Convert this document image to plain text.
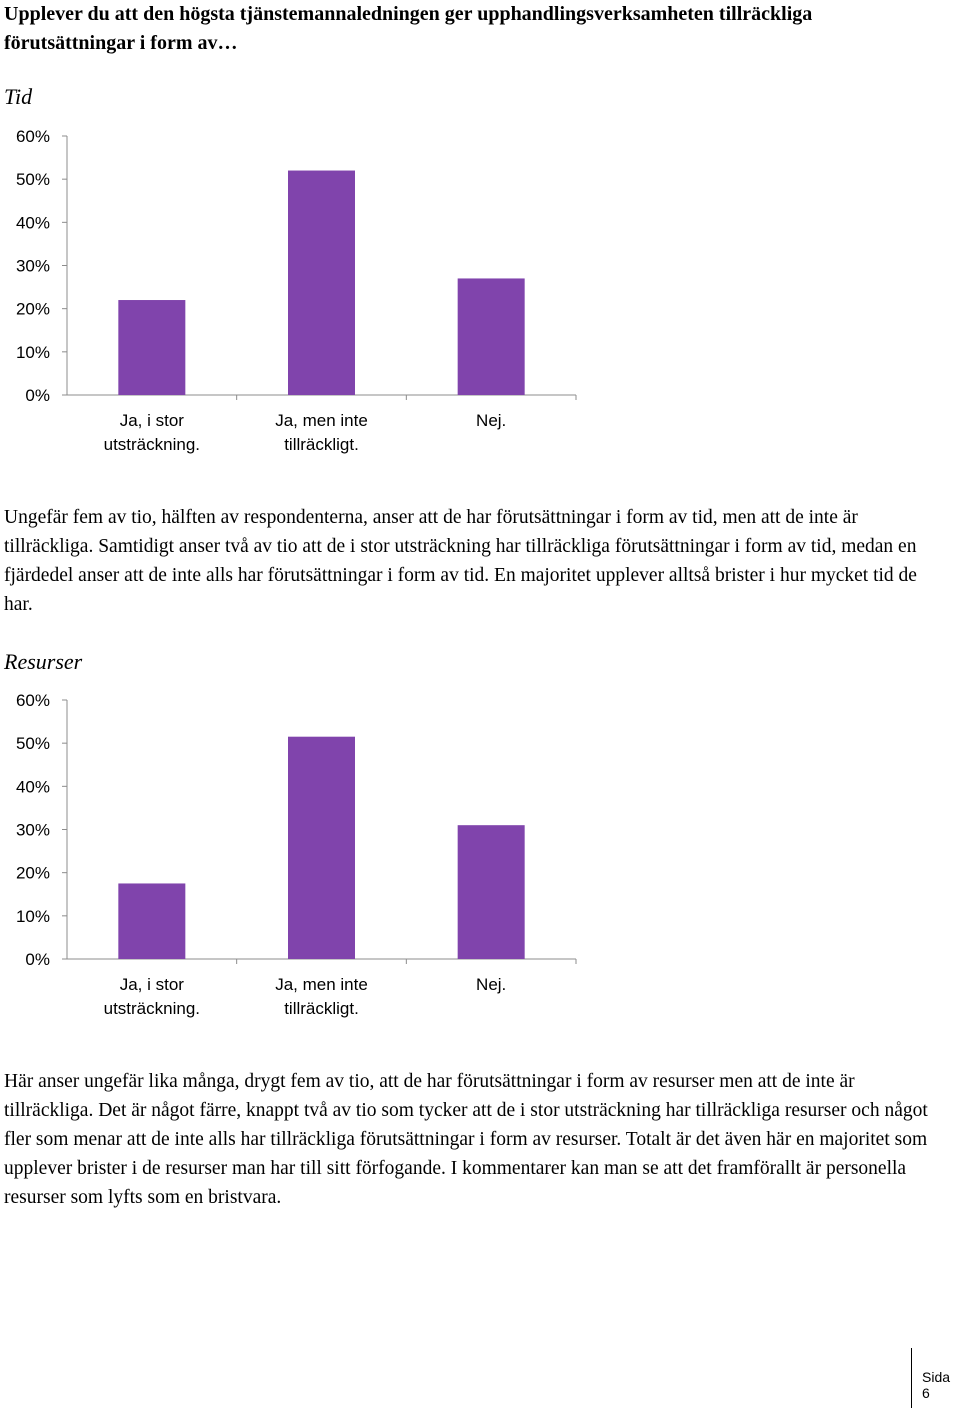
Upplever du att den högsta tjänstemannaledningen ger upphandlingsverksamheten tillräckliga förutsättningar i form av…
Tid
60%
50%
40%
30%
20%
10%
0%
Ja, i stor
utsträckning.
Ja, men inte
tillräckligt.
Nej.
Ungefär fem av tio, hälften av respondenterna, anser att de har förutsättningar i form av tid, men att de inte är tillräckliga. Samtidigt anser två av tio att de i stor utsträckning har tillräckliga förutsättningar i form av tid, medan en fjärdedel anser att de inte alls har förutsättningar i form av tid. En majoritet upplever alltså brister i hur mycket tid de har.
Resurser
60%
50%
40%
30%
20%
10%
0%
Ja, i stor
utsträckning.
Ja, men inte
tillräckligt.
Nej.
Här anser ungefär lika många, drygt fem av tio, att de har förutsättningar i form av resurser men att de inte är tillräckliga. Det är något färre, knappt två av tio som tycker att de i stor utsträckning har tillräckliga resurser och något fler som menar att de inte alls har tillräckliga förutsättningar i form av resurser. Totalt är det även här en majoritet som upplever brister i de resurser man har till sitt förfogande. I kommentarer kan man se att det framförallt är personella resurser som lyfts som en bristvara.
Sida 6
